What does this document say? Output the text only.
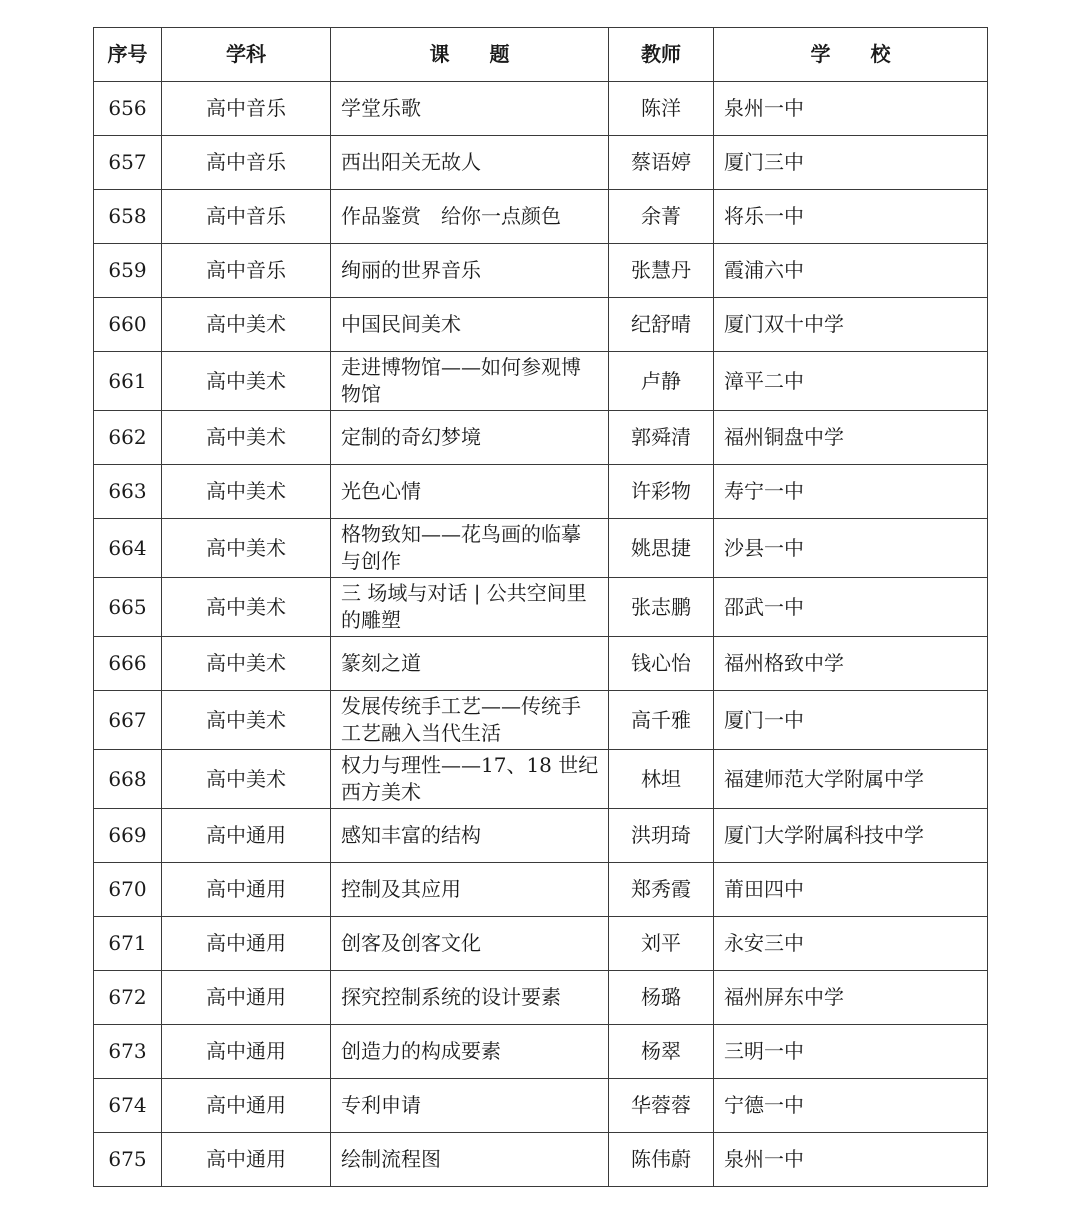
序号	学科	课　　题	教师	学　　校
656	高中音乐	学堂乐歌	陈洋	泉州一中
657	高中音乐	西出阳关无故人	蔡语婷	厦门三中
658	高中音乐	作品鉴赏　给你一点颜色	余菁	将乐一中
659	高中音乐	绚丽的世界音乐	张慧丹	霞浦六中
660	高中美术	中国民间美术	纪舒晴	厦门双十中学
661	高中美术	走进博物馆——如何参观博物馆	卢静	漳平二中
662	高中美术	定制的奇幻梦境	郭舜清	福州铜盘中学
663	高中美术	光色心情	许彩物	寿宁一中
664	高中美术	格物致知——花鸟画的临摹与创作	姚思捷	沙县一中
665	高中美术	三 场域与对话 | 公共空间里的雕塑	张志鹏	邵武一中
666	高中美术	篆刻之道	钱心怡	福州格致中学
667	高中美术	发展传统手工艺——传统手工艺融入当代生活	高千雅	厦门一中
668	高中美术	权力与理性——17、18 世纪西方美术	林坦	福建师范大学附属中学
669	高中通用	感知丰富的结构	洪玥琦	厦门大学附属科技中学
670	高中通用	控制及其应用	郑秀霞	莆田四中
671	高中通用	创客及创客文化	刘平	永安三中
672	高中通用	探究控制系统的设计要素	杨璐	福州屏东中学
673	高中通用	创造力的构成要素	杨翠	三明一中
674	高中通用	专利申请	华蓉蓉	宁德一中
675	高中通用	绘制流程图	陈伟蔚	泉州一中
